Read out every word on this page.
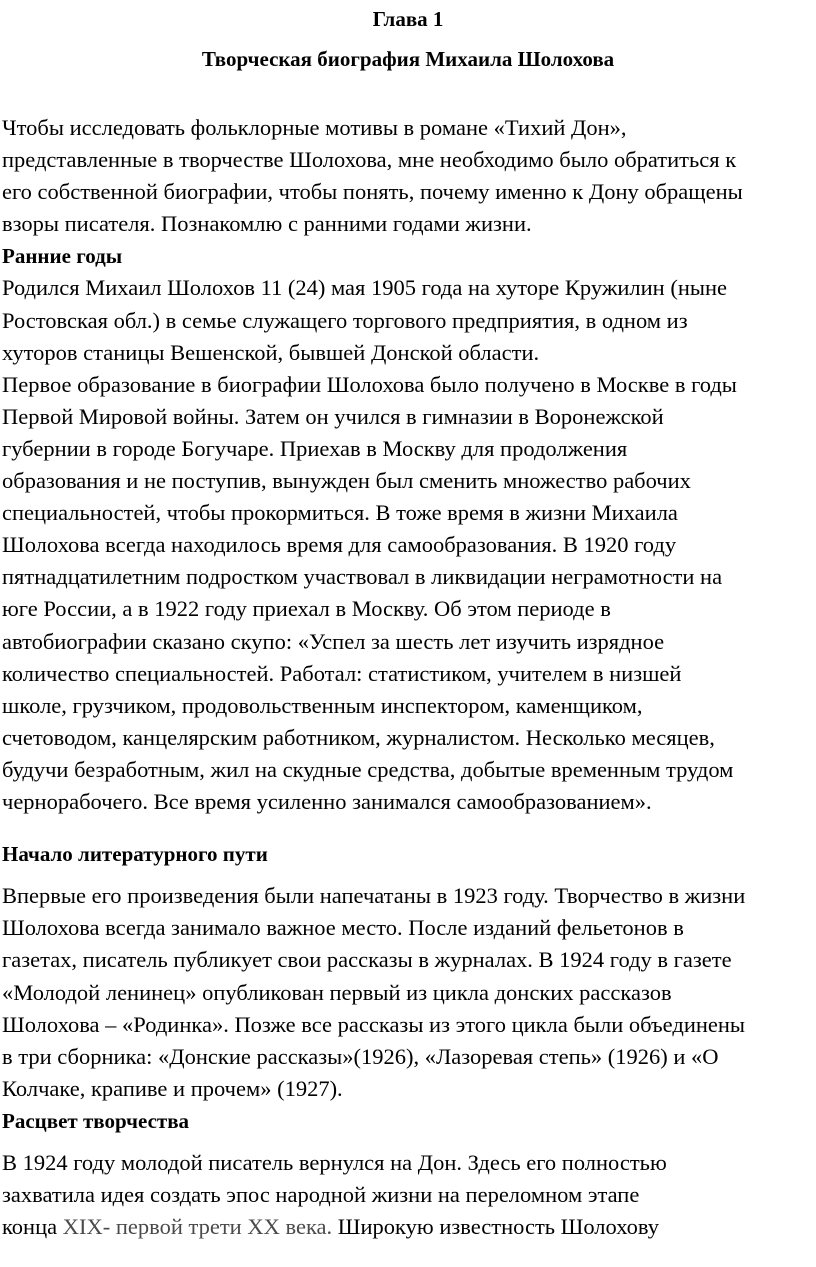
Глава 1
Творческая биография Михаила Шолохова
Чтобы исследовать фольклорные мотивы в романе «Тихий Дон»,
представленные в творчестве Шолохова, мне необходимо было обратиться к
его собственной биографии, чтобы понять, почему именно к Дону обращены
взоры писателя. Познакомлю с ранними годами жизни.
Ранние годы
Родился Михаил Шолохов 11 (24) мая 1905 года на хуторе Кружилин (ныне
Ростовская обл.) в семье служащего торгового предприятия, в одном из
хуторов станицы Вешенской, бывшей Донской области.
Первое образование в биографии Шолохова было получено в Москве в годы
Первой Мировой войны. Затем он учился в гимназии в Воронежской
губернии в городе Богучаре. Приехав в Москву для продолжения
образования и не поступив, вынужден был сменить множество рабочих
специальностей, чтобы прокормиться. В тоже время в жизни Михаила
Шолохова всегда находилось время для самообразования. В 1920 году
пятнадцатилетним подростком участвовал в ликвидации неграмотности на
юге России, а в 1922 году приехал в Москву. Об этом периоде в
автобиографии сказано скупо: «Успел за шесть лет изучить изрядное
количество специальностей. Работал: статистиком, учителем в низшей
школе, грузчиком, продовольственным инспектором, каменщиком,
счетоводом, канцелярским работником, журналистом. Несколько месяцев,
будучи безработным, жил на скудные средства, добытые временным трудом
чернорабочего. Все время усиленно занимался самообразованием».
Начало литературного пути
Впервые его произведения были напечатаны в 1923 году. Творчество в жизни
Шолохова всегда занимало важное место. После изданий фельетонов в
газетах, писатель публикует свои рассказы в журналах. В 1924 году в газете
«Молодой ленинец» опубликован первый из цикла донских рассказов
Шолохова – «Родинка». Позже все рассказы из этого цикла были объединены
в три сборника: «Донские рассказы»(1926), «Лазоревая степь» (1926) и «О
Колчаке, крапиве и прочем» (1927).
Расцвет творчества
В 1924 году молодой писатель вернулся на Дон. Здесь его полностью
захватила идея создать эпос народной жизни на переломном этапе
конца XIX- первой трети XX века. Широкую известность Шолохову
